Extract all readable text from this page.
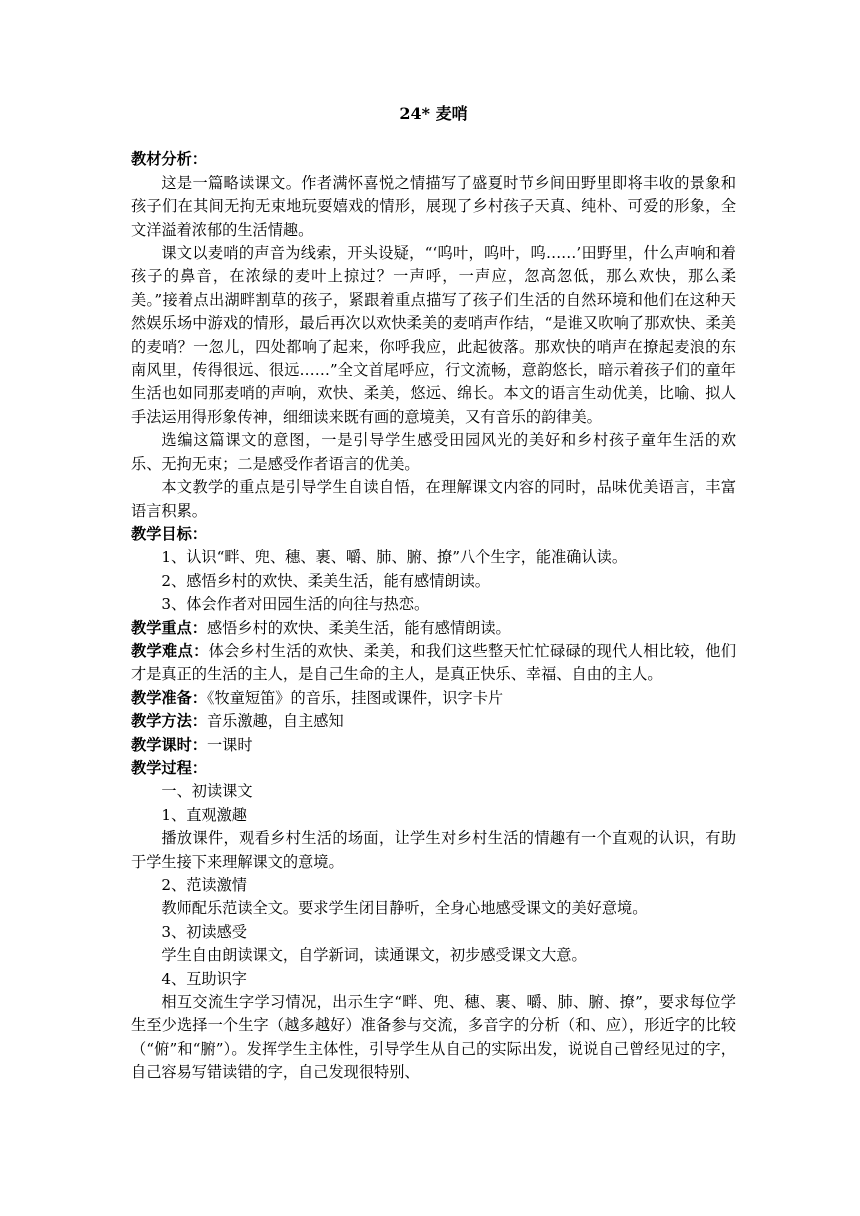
24* 麦哨

教材分析：

这是一篇略读课文。作者满怀喜悦之情描写了盛夏时节乡间田野里即将丰收的景象和孩子们在其间无拘无束地玩耍嬉戏的情形，展现了乡村孩子天真、纯朴、可爱的形象，全文洋溢着浓郁的生活情趣。

课文以麦哨的声音为线索，开头设疑，“‘呜叶，呜叶，呜……’田野里，什么声响和着孩子的鼻音，在浓绿的麦叶上掠过？一声呼，一声应，忽高忽低，那么欢快，那么柔美。”接着点出湖畔割草的孩子，紧跟着重点描写了孩子们生活的自然环境和他们在这种天然娱乐场中游戏的情形，最后再次以欢快柔美的麦哨声作结，“是谁又吹响了那欢快、柔美的麦哨？一忽儿，四处都响了起来，你呼我应，此起彼落。那欢快的哨声在撩起麦浪的东南风里，传得很远、很远……”全文首尾呼应，行文流畅，意韵悠长，暗示着孩子们的童年生活也如同那麦哨的声响，欢快、柔美，悠远、绵长。本文的语言生动优美，比喻、拟人手法运用得形象传神，细细读来既有画的意境美，又有音乐的韵律美。

选编这篇课文的意图，一是引导学生感受田园风光的美好和乡村孩子童年生活的欢乐、无拘无束；二是感受作者语言的优美。

本文教学的重点是引导学生自读自悟，在理解课文内容的同时，品味优美语言，丰富语言积累。

教学目标：

1、认识“畔、兜、穗、裹、嚼、肺、腑、撩”八个生字，能准确认读。

2、感悟乡村的欢快、柔美生活，能有感情朗读。

3、体会作者对田园生活的向往与热恋。

教学重点：感悟乡村的欢快、柔美生活，能有感情朗读。

教学难点：体会乡村生活的欢快、柔美，和我们这些整天忙忙碌碌的现代人相比较，他们才是真正的生活的主人，是自己生命的主人，是真正快乐、幸福、自由的主人。

教学准备：《牧童短笛》的音乐，挂图或课件，识字卡片

教学方法：音乐激趣，自主感知

教学课时：一课时

教学过程：

一、初读课文

1、直观激趣

播放课件，观看乡村生活的场面，让学生对乡村生活的情趣有一个直观的认识，有助于学生接下来理解课文的意境。

2、范读激情

教师配乐范读全文。要求学生闭目静听，全身心地感受课文的美好意境。

3、初读感受

学生自由朗读课文，自学新词，读通课文，初步感受课文大意。

4、互助识字

相互交流生字学习情况，出示生字“畔、兜、穗、裹、嚼、肺、腑、撩”，要求每位学生至少选择一个生字（越多越好）准备参与交流，多音字的分析（和、应），形近字的比较（“俯”和“腑”）。发挥学生主体性，引导学生从自己的实际出发，说说自己曾经见过的字，自己容易写错读错的字，自己发现很特别、
